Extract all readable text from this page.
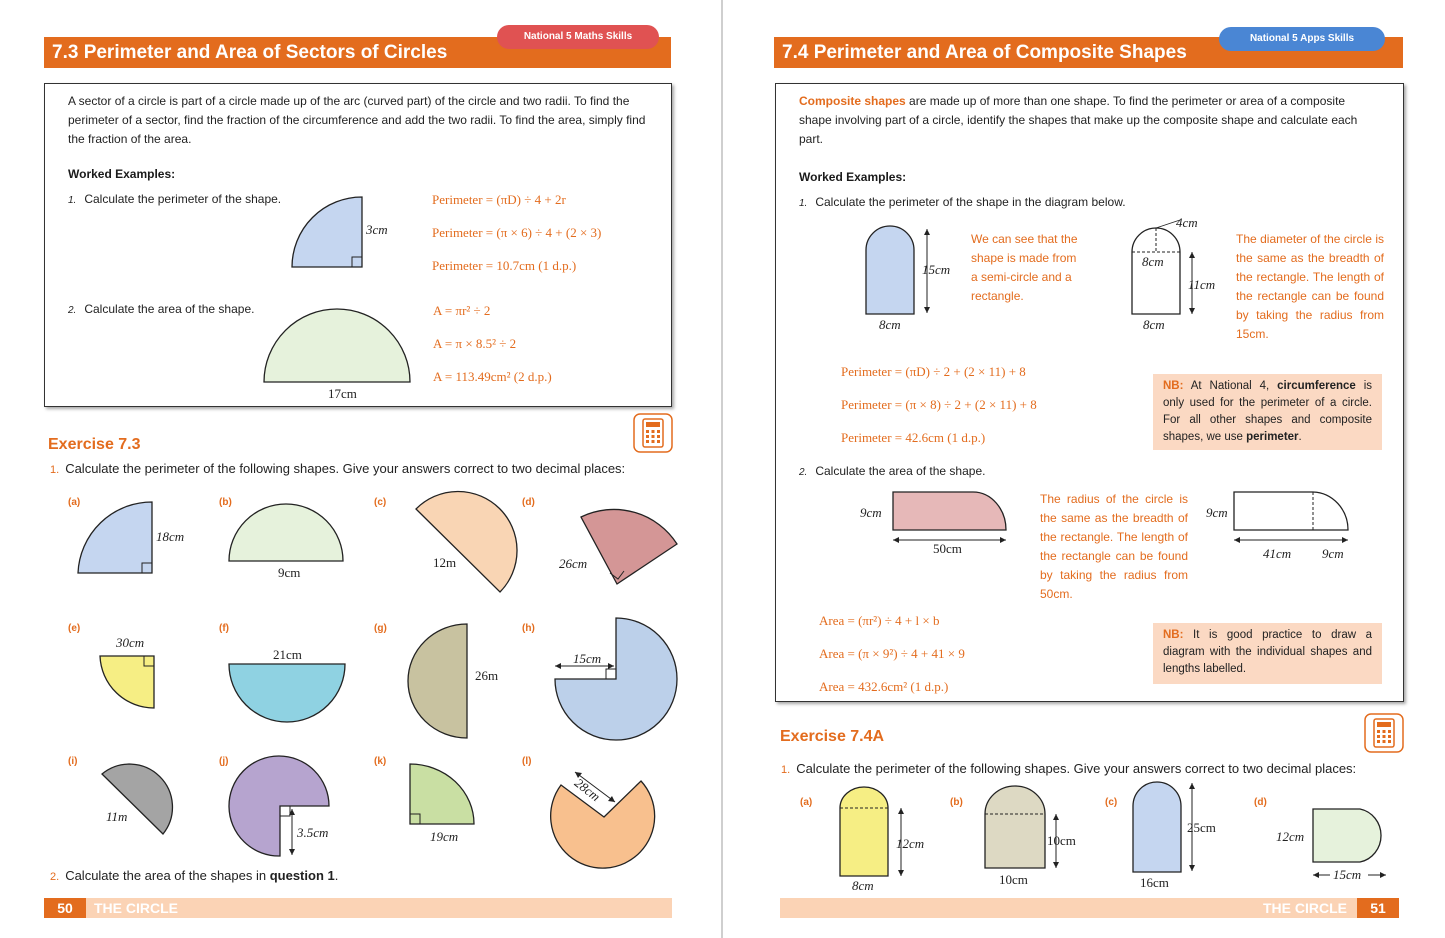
7.3 Perimeter and Area of Sectors of Circles
National 5 Maths Skills
A sector of a circle is part of a circle made up of the arc (curved part) of the circle and two radii. To find the perimeter of a sector, find the fraction of the circumference and add the two radii. To find the area, simply find the fraction of the area.
Worked Examples:
1. Calculate the perimeter of the shape.
3cm
Perimeter = (πD) ÷ 4 + 2r
Perimeter = (π × 6) ÷ 4 + (2 × 3)
Perimeter = 10.7cm (1 d.p.)
2. Calculate the area of the shape.
17cm
A = πr² ÷ 2
A = π × 8.5² ÷ 2
A = 113.49cm² (2 d.p.)
Exercise 7.3
1. Calculate the perimeter of the following shapes. Give your answers correct to two decimal places:
(a)
18cm
(b)
9cm
(c)
12m
(d)
26cm
(e)
30cm
(f)
21cm
(g)
26m
(h)
15cm
(i)
11m
(j)
3.5cm
(k)
19cm
(l)
28cm
2. Calculate the area of the shapes in question 1.
50	THE CIRCLE
7.4 Perimeter and Area of Composite Shapes
National 5 Apps Skills
Composite shapes are made up of more than one shape. To find the perimeter or area of a composite shape involving part of a circle, identify the shapes that make up the composite shape and calculate each part.
Worked Examples:
1. Calculate the perimeter of the shape in the diagram below.
15cm
8cm
We can see that the shape is made from a semi-circle and a rectangle.
4cm
8cm
11cm
8cm
The diameter of the circle is the same as the breadth of the rectangle. The length of the rectangle can be found by taking the radius from 15cm.
Perimeter = (πD) ÷ 2 + (2 × 11) + 8
Perimeter = (π × 8) ÷ 2 + (2 × 11) + 8
Perimeter = 42.6cm (1 d.p.)
NB: At National 4, circumference is only used for the perimeter of a circle. For all other shapes and composite shapes, we use perimeter.
2. Calculate the area of the shape.
9cm
50cm
The radius of the circle is the same as the breadth of the rectangle. The length of the rectangle can be found by taking the radius from 50cm.
9cm
41cm 9cm
Area = (πr²) ÷ 4 + l × b
Area = (π × 9²) ÷ 4 + 41 × 9
Area = 432.6cm² (1 d.p.)
NB: It is good practice to draw a diagram with the individual shapes and lengths labelled.
Exercise 7.4A
1. Calculate the perimeter of the following shapes. Give your answers correct to two decimal places:
(a)
12cm
8cm
(b)
10cm
10cm
(c)
25cm
16cm
(d)
12cm
15cm
THE CIRCLE	51
